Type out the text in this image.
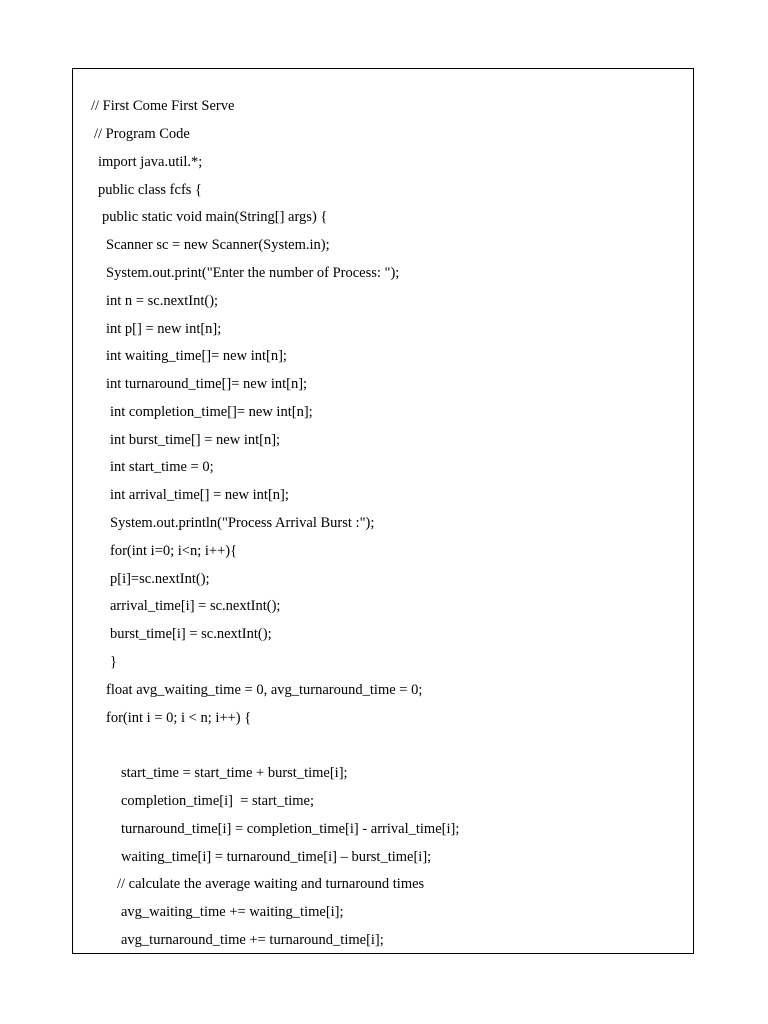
// First Come First Serve
// Program Code
import java.util.*;
public class fcfs {
public static void main(String[] args) {
Scanner sc = new Scanner(System.in);
System.out.print("Enter the number of Process: ");
int n = sc.nextInt();
int p[] = new int[n];
int waiting_time[]= new int[n];
int turnaround_time[]= new int[n];
int completion_time[]= new int[n];
int burst_time[] = new int[n];
int start_time = 0;
int arrival_time[] = new int[n];
System.out.println("Process Arrival Burst :");
for(int i=0; i<n; i++){
p[i]=sc.nextInt();
arrival_time[i] = sc.nextInt();
burst_time[i] = sc.nextInt();
}
float avg_waiting_time = 0, avg_turnaround_time = 0;
for(int i = 0; i < n; i++) {
start_time = start_time + burst_time[i];
completion_time[i]  = start_time;
turnaround_time[i] = completion_time[i] - arrival_time[i];
waiting_time[i] = turnaround_time[i] – burst_time[i];
// calculate the average waiting and turnaround times
avg_waiting_time += waiting_time[i];
avg_turnaround_time += turnaround_time[i];
